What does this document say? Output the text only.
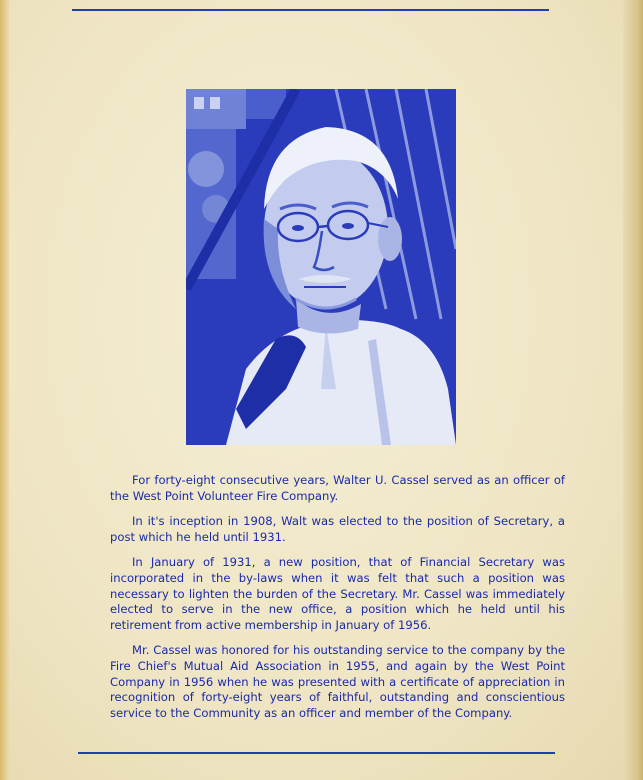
For forty-eight consecutive years, Walter U. Cassel served as an officer of the West Point Volunteer Fire Company.

In it's inception in 1908, Walt was elected to the position of Secretary, a post which he held until 1931.

In January of 1931, a new position, that of Financial Secretary was incorporated in the by-laws when it was felt that such a position was necessary to lighten the burden of the Secretary. Mr. Cassel was immediately elected to serve in the new office, a position which he held until his retirement from active membership in January of 1956.

Mr. Cassel was honored for his outstanding service to the company by the Fire Chief's Mutual Aid Association in 1955, and again by the West Point Company in 1956 when he was presented with a certificate of appreciation in recognition of forty-eight years of faithful, outstanding and conscientious service to the Community as an officer and member of the Company.
